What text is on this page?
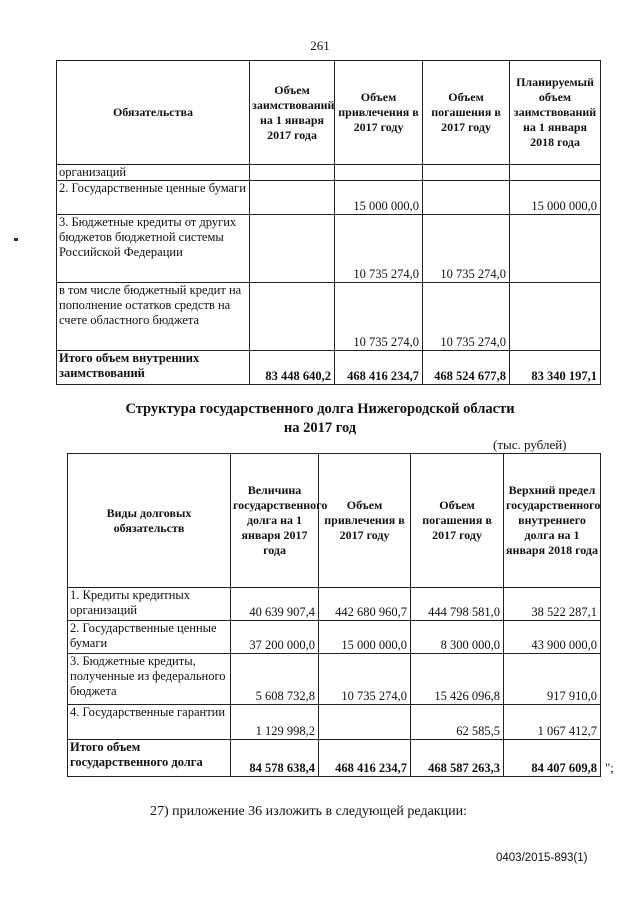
261
Обязательства	Объем заимствований на 1 января 2017 года	Объем привлечения в 2017 году	Объем погашения в 2017 году	Планируемый объем заимствований на 1 января 2018 года
организаций				
2. Государственные ценные бумаги		15 000 000,0		15 000 000,0
3. Бюджетные кредиты от других бюджетов бюджетной системы Российской Федерации		10 735 274,0	10 735 274,0	
в том числе бюджетный кредит на пополнение остатков средств на счете областного бюджета		10 735 274,0	10 735 274,0	
Итого объем внутренних заимствований	83 448 640,2	468 416 234,7	468 524 677,8	83 340 197,1
Структура государственного долга Нижегородской области
на 2017 год
(тыс. рублей)
Виды долговых обязательств	Величина государственного долга на 1 января 2017 года	Объем привлечения в 2017 году	Объем погашения в 2017 году	Верхний предел государственного внутреннего долга на 1 января 2018 года
1. Кредиты кредитных организаций	40 639 907,4	442 680 960,7	444 798 581,0	38 522 287,1
2. Государственные ценные бумаги	37 200 000,0	15 000 000,0	8 300 000,0	43 900 000,0
3. Бюджетные кредиты, полученные из федерального бюджета	5 608 732,8	10 735 274,0	15 426 096,8	917 910,0
4. Государственные гарантии	1 129 998,2		62 585,5	1 067 412,7
Итого объем государственного долга	84 578 638,4	468 416 234,7	468 587 263,3	84 407 609,8 ";
27) приложение 36 изложить в следующей редакции:
0403/2015-893(1)
